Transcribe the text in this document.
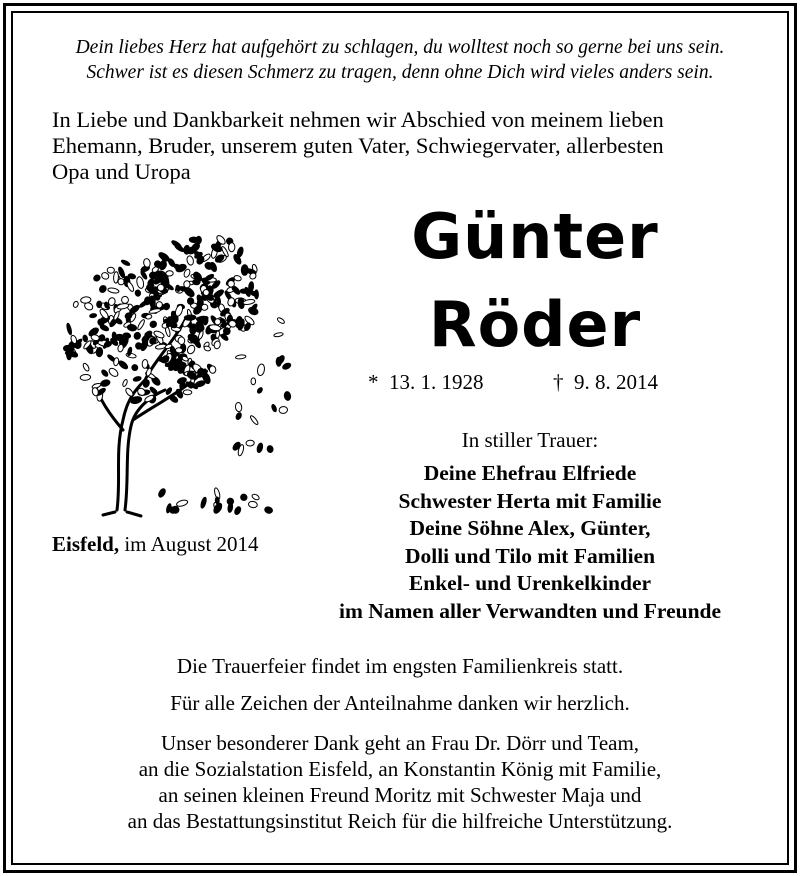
Dein liebes Herz hat aufgehört zu schlagen, du wolltest noch so gerne bei uns sein.
Schwer ist es diesen Schmerz zu tragen, denn ohne Dich wird vieles anders sein.
In Liebe und Dankbarkeit nehmen wir Abschied von meinem lieben
Ehemann, Bruder, unserem guten Vater, Schwiegervater, allerbesten
Opa und Uropa
Günter
Röder
* 13. 1. 1928	† 9. 8. 2014
Eisfeld, im August 2014
In stiller Trauer:
Deine Ehefrau Elfriede
Schwester Herta mit Familie
Deine Söhne Alex, Günter,
Dolli und Tilo mit Familien
Enkel- und Urenkelkinder
im Namen aller Verwandten und Freunde
Die Trauerfeier findet im engsten Familienkreis statt.
Für alle Zeichen der Anteilnahme danken wir herzlich.
Unser besonderer Dank geht an Frau Dr. Dörr und Team,
an die Sozialstation Eisfeld, an Konstantin König mit Familie,
an seinen kleinen Freund Moritz mit Schwester Maja und
an das Bestattungsinstitut Reich für die hilfreiche Unterstützung.
